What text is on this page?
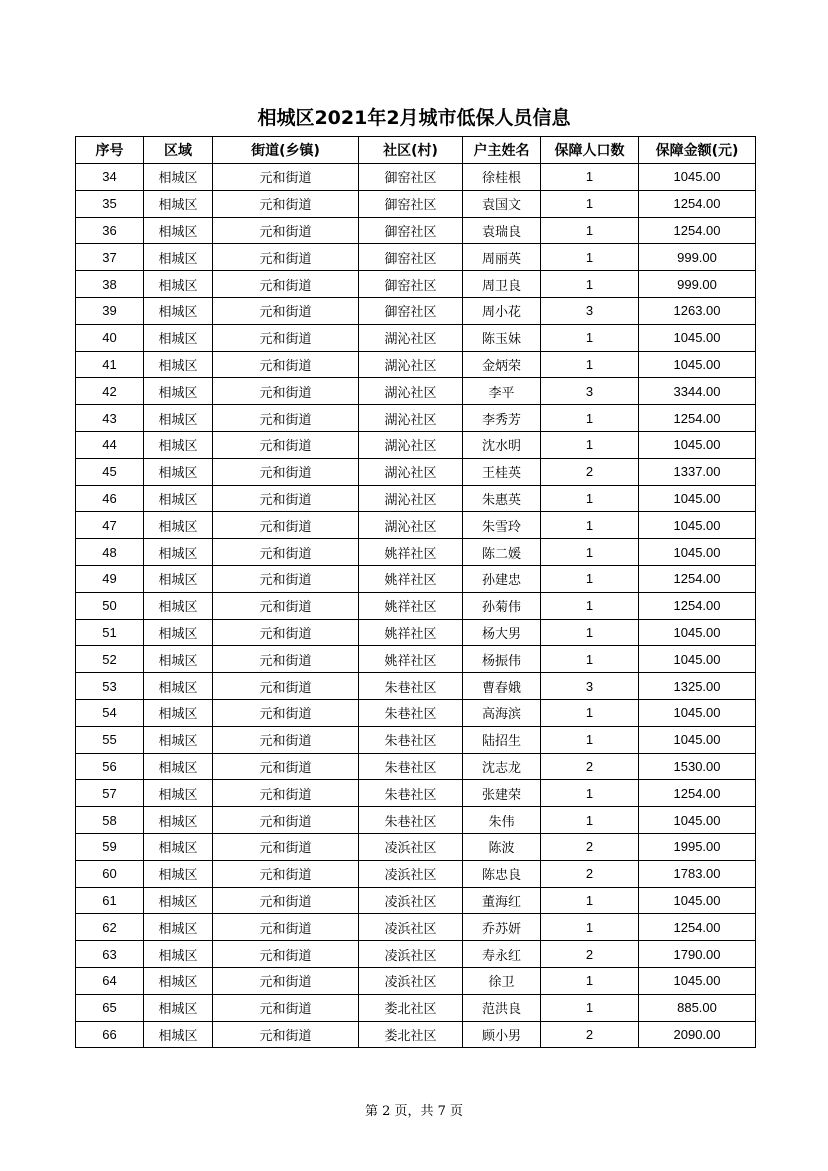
相城区2021年2月城市低保人员信息
序号	区域	街道(乡镇)	社区(村)	户主姓名	保障人口数	保障金额(元)
34	相城区	元和街道	御窑社区	徐桂根	1	1045.00
35	相城区	元和街道	御窑社区	袁国文	1	1254.00
36	相城区	元和街道	御窑社区	袁瑞良	1	1254.00
37	相城区	元和街道	御窑社区	周丽英	1	999.00
38	相城区	元和街道	御窑社区	周卫良	1	999.00
39	相城区	元和街道	御窑社区	周小花	3	1263.00
40	相城区	元和街道	湖沁社区	陈玉妹	1	1045.00
41	相城区	元和街道	湖沁社区	金炳荣	1	1045.00
42	相城区	元和街道	湖沁社区	李平	3	3344.00
43	相城区	元和街道	湖沁社区	李秀芳	1	1254.00
44	相城区	元和街道	湖沁社区	沈水明	1	1045.00
45	相城区	元和街道	湖沁社区	王桂英	2	1337.00
46	相城区	元和街道	湖沁社区	朱惠英	1	1045.00
47	相城区	元和街道	湖沁社区	朱雪玲	1	1045.00
48	相城区	元和街道	姚祥社区	陈二媛	1	1045.00
49	相城区	元和街道	姚祥社区	孙建忠	1	1254.00
50	相城区	元和街道	姚祥社区	孙菊伟	1	1254.00
51	相城区	元和街道	姚祥社区	杨大男	1	1045.00
52	相城区	元和街道	姚祥社区	杨振伟	1	1045.00
53	相城区	元和街道	朱巷社区	曹春娥	3	1325.00
54	相城区	元和街道	朱巷社区	高海滨	1	1045.00
55	相城区	元和街道	朱巷社区	陆招生	1	1045.00
56	相城区	元和街道	朱巷社区	沈志龙	2	1530.00
57	相城区	元和街道	朱巷社区	张建荣	1	1254.00
58	相城区	元和街道	朱巷社区	朱伟	1	1045.00
59	相城区	元和街道	凌浜社区	陈波	2	1995.00
60	相城区	元和街道	凌浜社区	陈忠良	2	1783.00
61	相城区	元和街道	凌浜社区	董海红	1	1045.00
62	相城区	元和街道	凌浜社区	乔苏妍	1	1254.00
63	相城区	元和街道	凌浜社区	寿永红	2	1790.00
64	相城区	元和街道	凌浜社区	徐卫	1	1045.00
65	相城区	元和街道	娄北社区	范洪良	1	885.00
66	相城区	元和街道	娄北社区	顾小男	2	2090.00
第 2 页，共 7 页
